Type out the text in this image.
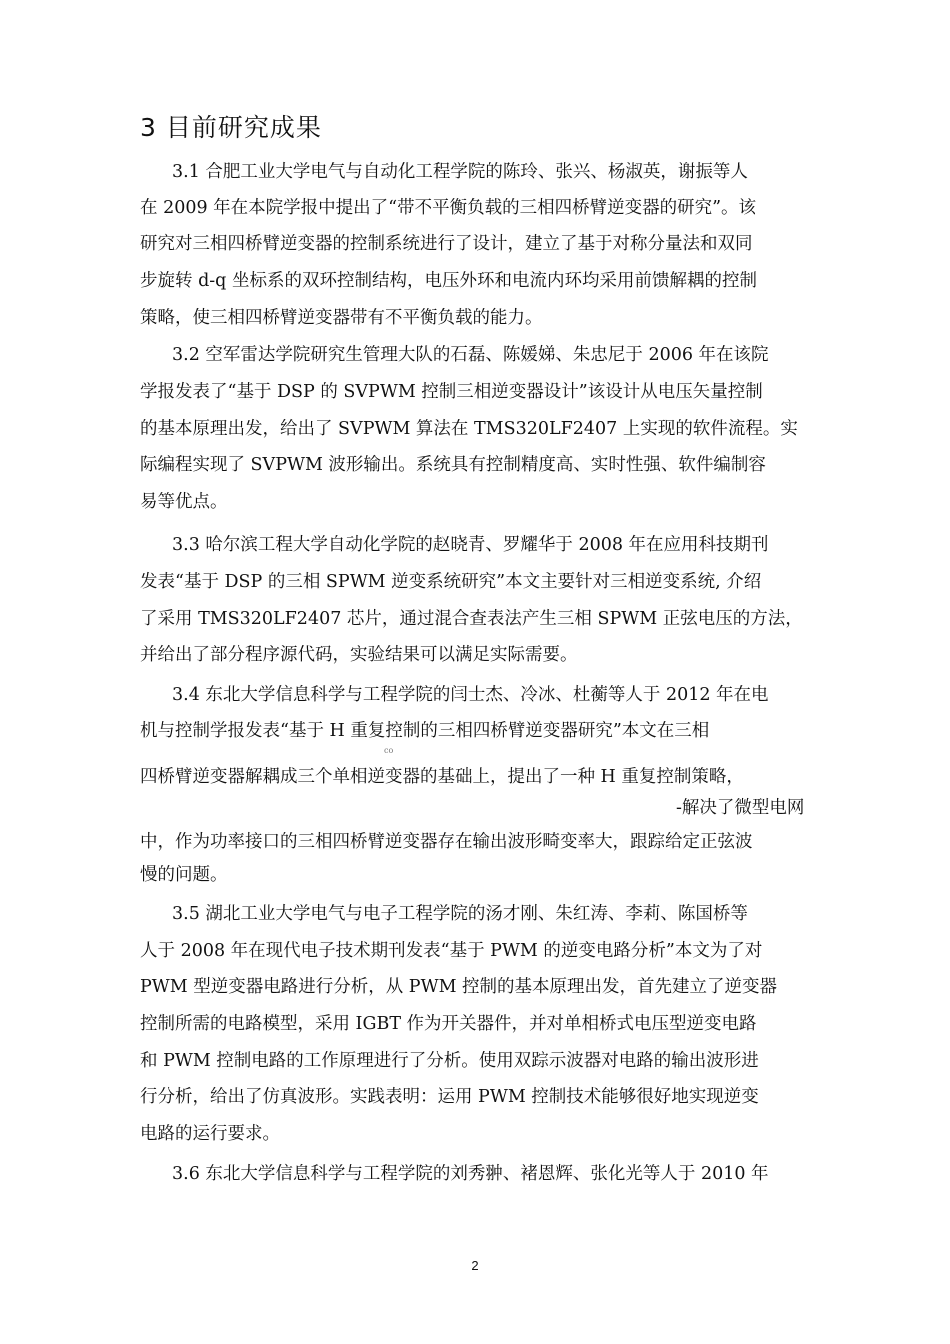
3 目前研究成果
3.1 合肥工业大学电气与自动化工程学院的陈玲、张兴、杨淑英，谢振等人
在 2009 年在本院学报中提出了“带不平衡负载的三相四桥臂逆变器的研究”。该
研究对三相四桥臂逆变器的控制系统进行了设计，建立了基于对称分量法和双同
步旋转 d-q 坐标系的双环控制结构，电压外环和电流内环均采用前馈解耦的控制
策略，使三相四桥臂逆变器带有不平衡负载的能力。
3.2 空军雷达学院研究生管理大队的石磊、陈媛娣、朱忠尼于 2006 年在该院
学报发表了“基于 DSP 的 SVPWM 控制三相逆变器设计”该设计从电压矢量控制
的基本原理出发，给出了 SVPWM 算法在 TMS320LF2407 上实现的软件流程。实
际编程实现了 SVPWM 波形输出。系统具有控制精度高、实时性强、软件编制容
易等优点。
3.3 哈尔滨工程大学自动化学院的赵晓青、罗耀华于 2008 年在应用科技期刊
发表“基于 DSP 的三相 SPWM 逆变系统研究”本文主要针对三相逆变系统, 介绍
了采用 TMS320LF2407 芯片，通过混合查表法产生三相 SPWM 正弦电压的方法，
并给出了部分程序源代码，实验结果可以满足实际需要。
3.4 东北大学信息科学与工程学院的闫士杰、冷冰、杜蘅等人于 2012 年在电
机与控制学报发表“基于 H 重复控制的三相四桥臂逆变器研究”本文在三相
co
四桥臂逆变器解耦成三个单相逆变器的基础上，提出了一种 H 重复控制策略，
-解决了微型电网
中，作为功率接口的三相四桥臂逆变器存在输出波形畸变率大，跟踪给定正弦波
慢的问题。
3.5 湖北工业大学电气与电子工程学院的汤才刚、朱红涛、李莉、陈国桥等
人于 2008 年在现代电子技术期刊发表“基于 PWM 的逆变电路分析”本文为了对
PWM 型逆变器电路进行分析，从 PWM 控制的基本原理出发，首先建立了逆变器
控制所需的电路模型，采用 IGBT 作为开关器件，并对单相桥式电压型逆变电路
和 PWM 控制电路的工作原理进行了分析。使用双踪示波器对电路的输出波形进
行分析，给出了仿真波形。实践表明：运用 PWM 控制技术能够很好地实现逆变
电路的运行要求。
3.6 东北大学信息科学与工程学院的刘秀翀、褚恩辉、张化光等人于 2010 年
2
